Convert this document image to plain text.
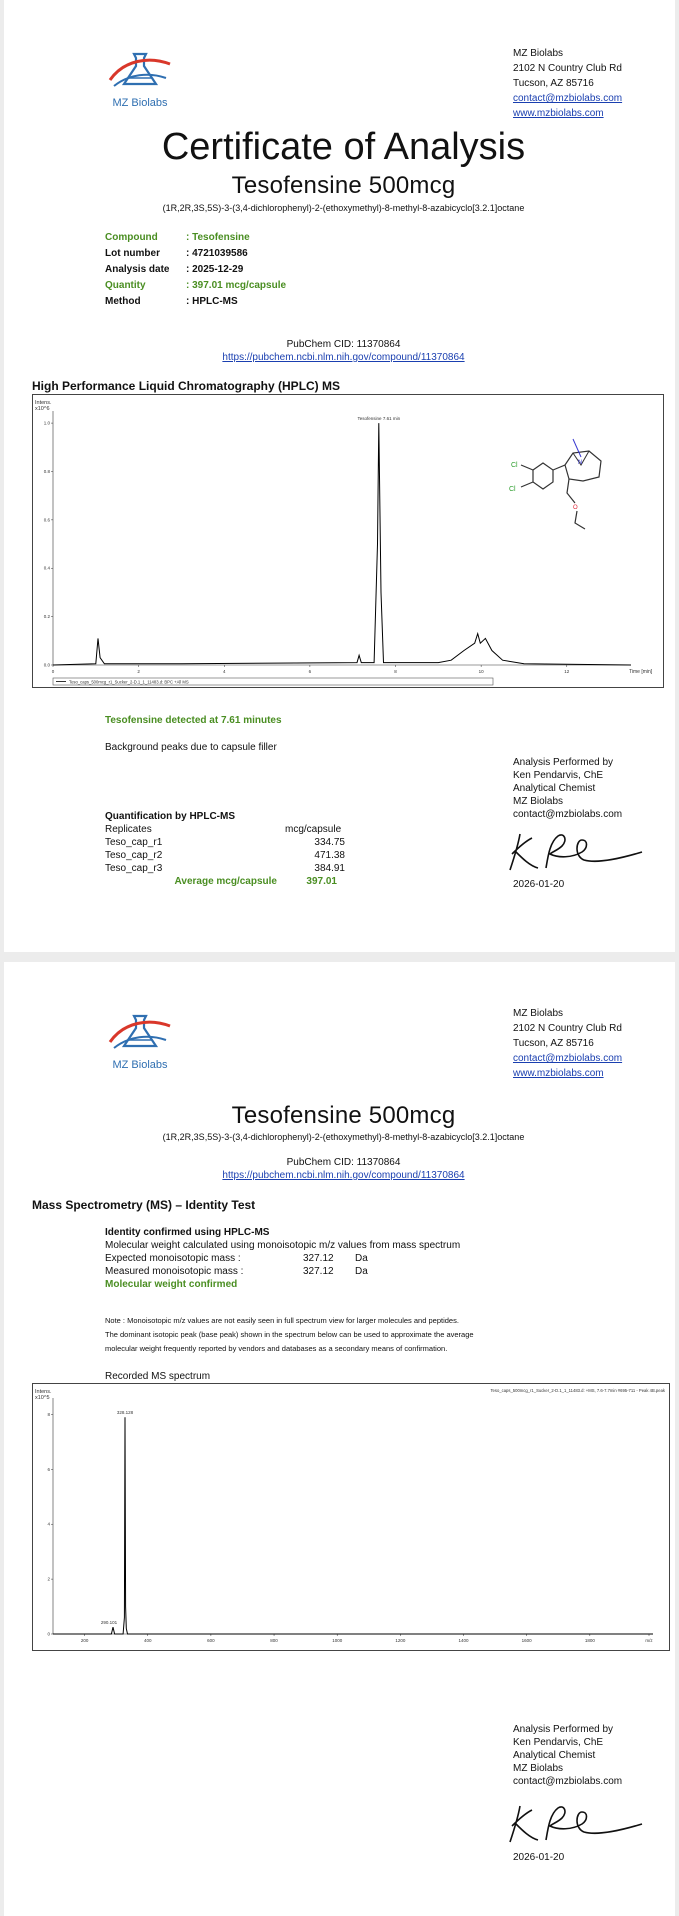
MZ Biolabs
MZ Biolabs
2102 N Country Club Rd
Tucson, AZ 85716
contact@mzbiolabs.com
www.mzbiolabs.com
Certificate of Analysis
Tesofensine 500mcg
(1R,2R,3S,5S)-3-(3,4-dichlorophenyl)-2-(ethoxymethyl)-8-methyl-8-azabicyclo[3.2.1]octane
Compound	: Tesofensine
Lot number	: 4721039586
Analysis date	: 2025-12-29
Quantity	: 397.01 mcg/capsule
Method	: HPLC-MS
PubChem CID: 11370864
https://pubchem.ncbi.nlm.nih.gov/compound/11370864
High Performance Liquid Chromatography (HPLC) MS
Intens.
x10^6
0.0
0.2
0.4
0.6
0.8
1.0
0	2	4	6	8	10	12
Tesofensine 7.61 min
Time [min]
Teso_caps_500mcg_r1_Sucker_2-D.1_1_11483.d: BPC +All MS
Cl
Cl
N
O
Tesofensine detected at 7.61 minutes
Background peaks due to capsule filler
Analysis Performed by
Ken Pendarvis, ChE
Analytical Chemist
MZ Biolabs
contact@mzbiolabs.com
Quantification by HPLC-MS
Replicates	mcg/capsule
Teso_cap_r1	334.75
Teso_cap_r2	471.38
Teso_cap_r3	384.91
Average mcg/capsule	397.01	2026-01-20
MZ Biolabs
MZ Biolabs
2102 N Country Club Rd
Tucson, AZ 85716
contact@mzbiolabs.com
www.mzbiolabs.com
Tesofensine 500mcg
(1R,2R,3S,5S)-3-(3,4-dichlorophenyl)-2-(ethoxymethyl)-8-methyl-8-azabicyclo[3.2.1]octane
PubChem CID: 11370864
https://pubchem.ncbi.nlm.nih.gov/compound/11370864
Mass Spectrometry (MS) – Identity Test
Identity confirmed using HPLC-MS
Molecular weight calculated using monoisotopic m/z values from mass spectrum
Expected monoisotopic mass :	327.12	Da
Measured monoisotopic mass :	327.12	Da
Molecular weight confirmed
Note : Monoisotopic m/z values are not easily seen in full spectrum view for larger molecules and peptides.
The dominant isotopic peak (base peak) shown in the spectrum below can be used to approximate the average
molecular weight frequently reported by vendors and databases as a secondary means of confirmation.
Recorded MS spectrum
Intens.
x10^5
Teso_caps_500mcg_r1_Sucker_2-D.1_1_11483.d: +MS, 7.6-7.7min #695-711 - Peak 4B.peak
0
2
4
6
8
200	400	600	800	1000	1200	1400	1600	1800	m/z
328.128
290.101
Analysis Performed by
Ken Pendarvis, ChE
Analytical Chemist
MZ Biolabs
contact@mzbiolabs.com
2026-01-20
